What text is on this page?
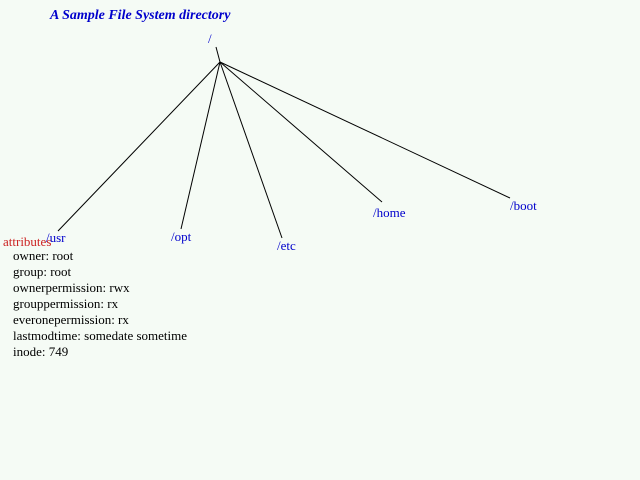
A Sample File System directory
/
/usr	/opt
/etc
/home	/boot
attributes
owner: root
group: root
ownerpermission: rwx
grouppermission: rx
everonepermission: rx
lastmodtime: somedate sometime
inode: 749
